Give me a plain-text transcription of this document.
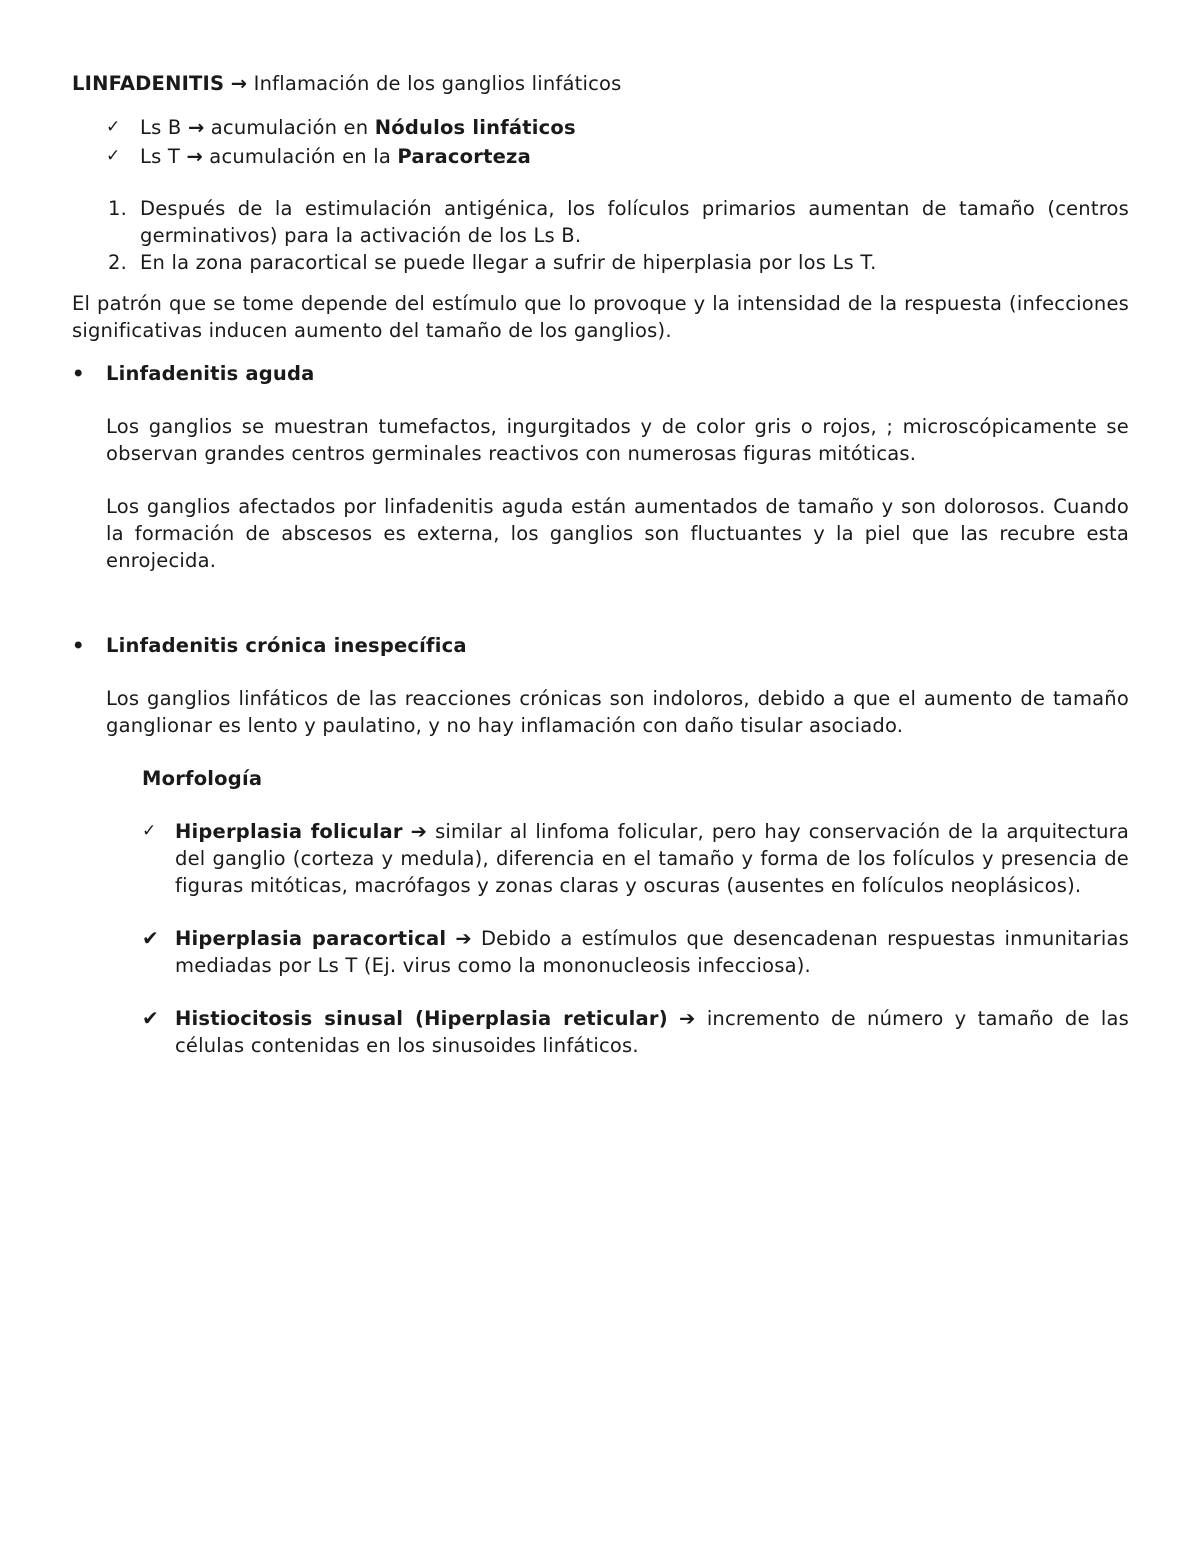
LINFADENITIS → Inflamación de los ganglios linfáticos

✓ Ls B → acumulación en Nódulos linfáticos
✓ Ls T → acumulación en la Paracorteza
1. Después de la estimulación antigénica, los folículos primarios aumentan de tamaño (centros germinativos) para la activación de los Ls B.
2. En la zona paracortical se puede llegar a sufrir de hiperplasia por los Ls T.

El patrón que se tome depende del estímulo que lo provoque y la intensidad de la respuesta (infecciones significativas inducen aumento del tamaño de los ganglios).

• Linfadenitis aguda

Los ganglios se muestran tumefactos, ingurgitados y de color gris o rojos, ; microscópicamente se observan grandes centros germinales reactivos con numerosas figuras mitóticas.

Los ganglios afectados por linfadenitis aguda están aumentados de tamaño y son dolorosos. Cuando la formación de abscesos es externa, los ganglios son fluctuantes y la piel que las recubre esta enrojecida.

• Linfadenitis crónica inespecífica

Los ganglios linfáticos de las reacciones crónicas son indoloros, debido a que el aumento de tamaño ganglionar es lento y paulatino, y no hay inflamación con daño tisular asociado.

Morfología

✓ Hiperplasia folicular ➔ similar al linfoma folicular, pero hay conservación de la arquitectura del ganglio (corteza y medula), diferencia en el tamaño y forma de los folículos y presencia de figuras mitóticas, macrófagos y zonas claras y oscuras (ausentes en folículos neoplásicos).
✔ Hiperplasia paracortical ➔ Debido a estímulos que desencadenan respuestas inmunitarias mediadas por Ls T (Ej. virus como la mononucleosis infecciosa).
✔ Histiocitosis sinusal (Hiperplasia reticular) ➔ incremento de número y tamaño de las células contenidas en los sinusoides linfáticos.
